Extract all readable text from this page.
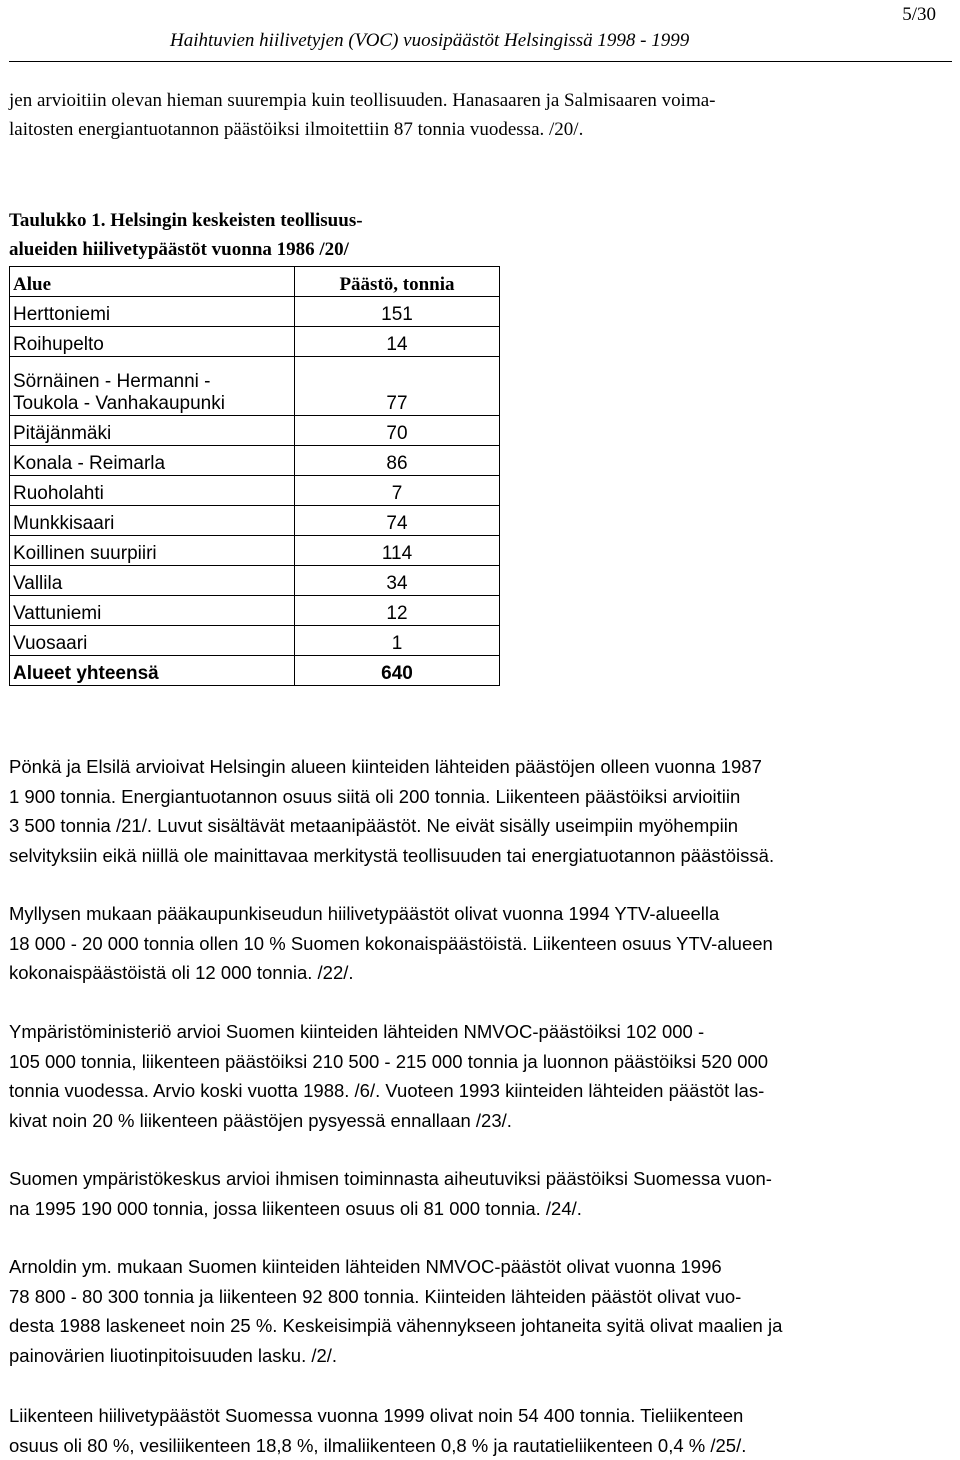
5/30
Haihtuvien hiilivetyjen (VOC) vuosipäästöt Helsingissä 1998 - 1999
jen arvioitiin olevan hieman suurempia kuin teollisuuden. Hanasaaren ja Salmisaaren voima-
laitosten energiantuotannon päästöiksi ilmoitettiin 87 tonnia vuodessa. /20/.
Taulukko 1. Helsingin keskeisten teollisuus-
alueiden hiilivetypäästöt vuonna 1986 /20/
Alue	Päästö, tonnia
Herttoniemi	151
Roihupelto	14

Sörnäinen - Hermanni -
Toukola - Vanhakaupunki	77
Pitäjänmäki	70
Konala - Reimarla	86
Ruoholahti	7
Munkkisaari	74
Koillinen suurpiiri	114
Vallila	34
Vattuniemi	12
Vuosaari	1
Alueet yhteensä	640
Pönkä ja Elsilä arvioivat Helsingin alueen kiinteiden lähteiden päästöjen olleen vuonna 1987
1 900 tonnia. Energiantuotannon osuus siitä oli 200 tonnia. Liikenteen päästöiksi arvioitiin
3 500 tonnia /21/. Luvut sisältävät metaanipäästöt. Ne eivät sisälly useimpiin myöhempiin
selvityksiin eikä niillä ole mainittavaa merkitystä teollisuuden tai energiatuotannon päästöissä.
Myllysen mukaan pääkaupunkiseudun hiilivetypäästöt olivat vuonna 1994 YTV-alueella
18 000 - 20 000 tonnia ollen 10 % Suomen kokonaispäästöistä. Liikenteen osuus YTV-alueen
kokonaispäästöistä oli 12 000 tonnia. /22/.
Ympäristöministeriö arvioi Suomen kiinteiden lähteiden NMVOC-päästöiksi 102 000 -
105 000 tonnia, liikenteen päästöiksi 210 500 - 215 000 tonnia ja luonnon päästöiksi 520 000
tonnia vuodessa. Arvio koski vuotta 1988. /6/. Vuoteen 1993 kiinteiden lähteiden päästöt las-
kivat noin 20 % liikenteen päästöjen pysyessä ennallaan /23/.
Suomen ympäristökeskus arvioi ihmisen toiminnasta aiheutuviksi päästöiksi Suomessa vuon-
na 1995 190 000 tonnia, jossa liikenteen osuus oli 81 000 tonnia. /24/.
Arnoldin ym. mukaan Suomen kiinteiden lähteiden NMVOC-päästöt olivat vuonna 1996
78 800 - 80 300 tonnia ja liikenteen 92 800 tonnia. Kiinteiden lähteiden päästöt olivat vuo-
desta 1988 laskeneet noin 25 %. Keskeisimpiä vähennykseen johtaneita syitä olivat maalien ja
painovärien liuotinpitoisuuden lasku. /2/.
Liikenteen hiilivetypäästöt Suomessa vuonna 1999 olivat noin 54 400 tonnia. Tieliikenteen
osuus oli 80 %, vesiliikenteen 18,8 %, ilmaliikenteen 0,8 % ja rautatieliikenteen 0,4 % /25/.
